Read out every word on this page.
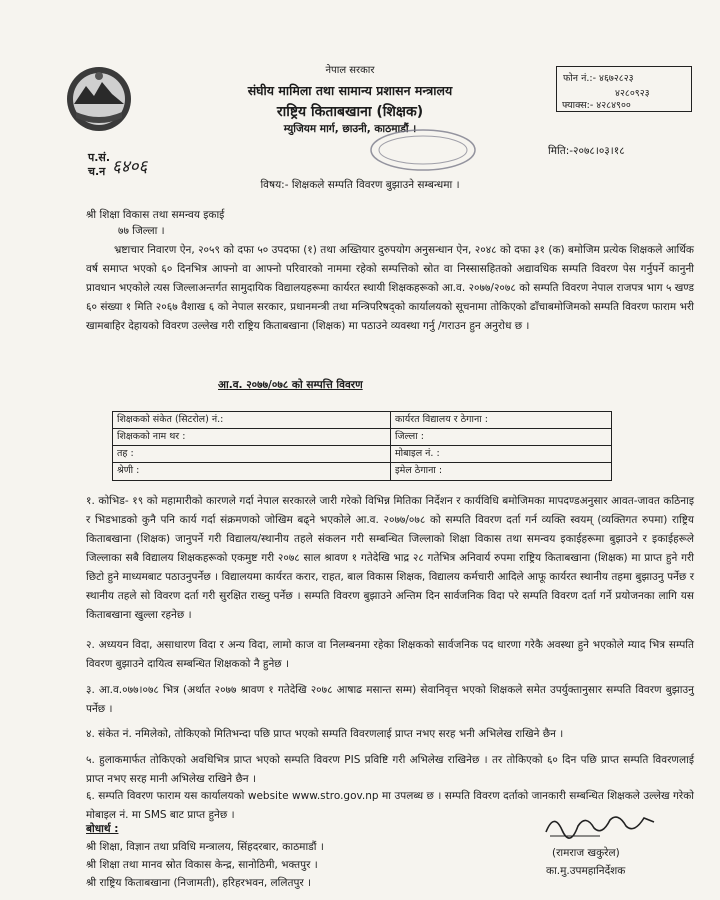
नेपाल सरकार
संघीय मामिला तथा सामान्य प्रशासन मन्त्रालय
राष्ट्रिय किताबखाना (शिक्षक)
म्युजियम मार्ग, छाउनी, काठमाडौं ।
फोन नं.:- ४६७२८२३
४२८०९२३
फ्याक्स:- ४२८४९००
प.सं.
च.न ६४०६
मिति:-२०७८।०३।१८
विषय:- शिक्षकले सम्पति विवरण बुझाउने सम्बन्धमा ।
श्री शिक्षा विकास तथा समन्वय इकाई
७७ जिल्ला ।

भ्रष्टाचार निवारण ऐन, २०५९ को दफा ५० उपदफा (१) तथा अख्तियार दुरुपयोग अनुसन्धान ऐन, २०४८ को दफा ३१ (क) बमोजिम प्रत्येक शिक्षकले आर्थिक वर्ष समाप्त भएको ६० दिनभित्र आफ्नो वा आफ्नो परिवारको नाममा रहेको सम्पत्तिको स्रोत वा निस्सासहितको अद्यावधिक सम्पति विवरण पेस गर्नुपर्ने कानुनी प्रावधान भएकोले त्यस जिल्लाअन्तर्गत सामुदायिक विद्यालयहरूमा कार्यरत स्थायी शिक्षकहरूको आ.व. २०७७/२०७८ को सम्पति विवरण नेपाल राजपत्र भाग ५ खण्ड ६० संख्या १ मिति २०६७ वैशाख ६ को नेपाल सरकार, प्रधानमन्त्री तथा मन्त्रिपरिषद्को कार्यालयको सूचनामा तोकिएको ढाँचाबमोजिमको सम्पति विवरण फाराम भरी खामबाहिर देहायको विवरण उल्लेख गरी राष्ट्रिय किताबखाना (शिक्षक) मा पठाउने व्यवस्था गर्नु /गराउन हुन अनुरोध छ ।

आ.व. २०७७/०७८ को सम्पत्ति विवरण
शिक्षकको संकेत (सिटरोल) नं.:	कार्यरत विद्यालय र ठेगाना :
शिक्षकको नाम थर :	जिल्ला :
तह :	मोबाइल नं. :
श्रेणी :	इमेल ठेगाना :

१. कोभिड- १९ को महामारीको कारणले गर्दा नेपाल सरकारले जारी गरेको विभिन्न मितिका निर्देशन र कार्यविधि बमोजिमका मापदण्डअनुसार आवत-जावत कठिनाइ र भिडभाडको कुनै पनि कार्य गर्दा संक्रमणको जोखिम बढ्ने भएकोले आ.व. २०७७/०७८ को सम्पति विवरण दर्ता गर्न व्यक्ति स्वयम् (व्यक्तिगत रुपमा) राष्ट्रिय किताबखाना (शिक्षक) जानुपर्ने गरी विद्यालय/स्थानीय तहले संकलन गरी सम्बन्धित जिल्लाको शिक्षा विकास तथा समन्वय इकाईहरूमा बुझाउने र इकाईहरूले जिल्लाका सबै विद्यालय शिक्षकहरूको एकमुष्ट गरी २०७८ साल श्रावण १ गतेदेखि भाद्र २८ गतेभित्र अनिवार्य रुपमा राष्ट्रिय किताबखाना (शिक्षक) मा प्राप्त हुने गरी छिटो हुने माध्यमबाट पठाउनुपर्नेछ । विद्यालयमा कार्यरत करार, राहत, बाल विकास शिक्षक, विद्यालय कर्मचारी आदिले आफू कार्यरत स्थानीय तहमा बुझाउनु पर्नेछ र स्थानीय तहले सो विवरण दर्ता गरी सुरक्षित राख्नु पर्नेछ । सम्पति विवरण बुझाउने अन्तिम दिन सार्वजनिक विदा परे सम्पति विवरण दर्ता गर्ने प्रयोजनका लागि यस किताबखाना खुल्ला रहनेछ ।

२. अध्ययन विदा, असाधारण विदा र अन्य विदा, लामो काज वा निलम्बनमा रहेका शिक्षकको सार्वजनिक पद धारणा गरेकै अवस्था हुने भएकोले म्याद भित्र सम्पति विवरण बुझाउने दायित्व सम्बन्धित शिक्षकको नै हुनेछ ।

३. आ.व.०७७।०७८ भित्र (अर्थात २०७७ श्रावण १ गतेदेखि २०७८ आषाढ मसान्त सम्म) सेवानिवृत्त भएको शिक्षकले समेत उपर्युक्तानुसार सम्पति विवरण बुझाउनु पर्नेछ ।

४. संकेत नं. नमिलेको, तोकिएको मितिभन्दा पछि प्राप्त भएको सम्पति विवरणलाई प्राप्त नभए सरह भनी अभिलेख राखिने छैन ।

५. हुलाकमार्फत तोकिएको अवधिभित्र प्राप्त भएको सम्पति विवरण PIS प्रविष्टि गरी अभिलेख राखिनेछ । तर तोकिएको ६० दिन पछि प्राप्त सम्पति विवरणलाई प्राप्त नभए सरह मानी अभिलेख राखिने छैन ।

६. सम्पति विवरण फाराम यस कार्यालयको website www.stro.gov.np मा उपलब्ध छ । सम्पति विवरण दर्ताको जानकारी सम्बन्धित शिक्षकले उल्लेख गरेको मोबाइल नं. मा SMS बाट प्राप्त हुनेछ ।

बोधार्थ :
श्री शिक्षा, विज्ञान तथा प्रविधि मन्त्रालय, सिंहदरबार, काठमाडौं ।
श्री शिक्षा तथा मानव स्रोत विकास केन्द्र, सानोठिमी, भक्तपुर ।
श्री राष्ट्रिय किताबखाना (निजामती), हरिहरभवन, ललितपुर ।
(रामराज खकुरेल)
का.मु.उपमहानिर्देशक
